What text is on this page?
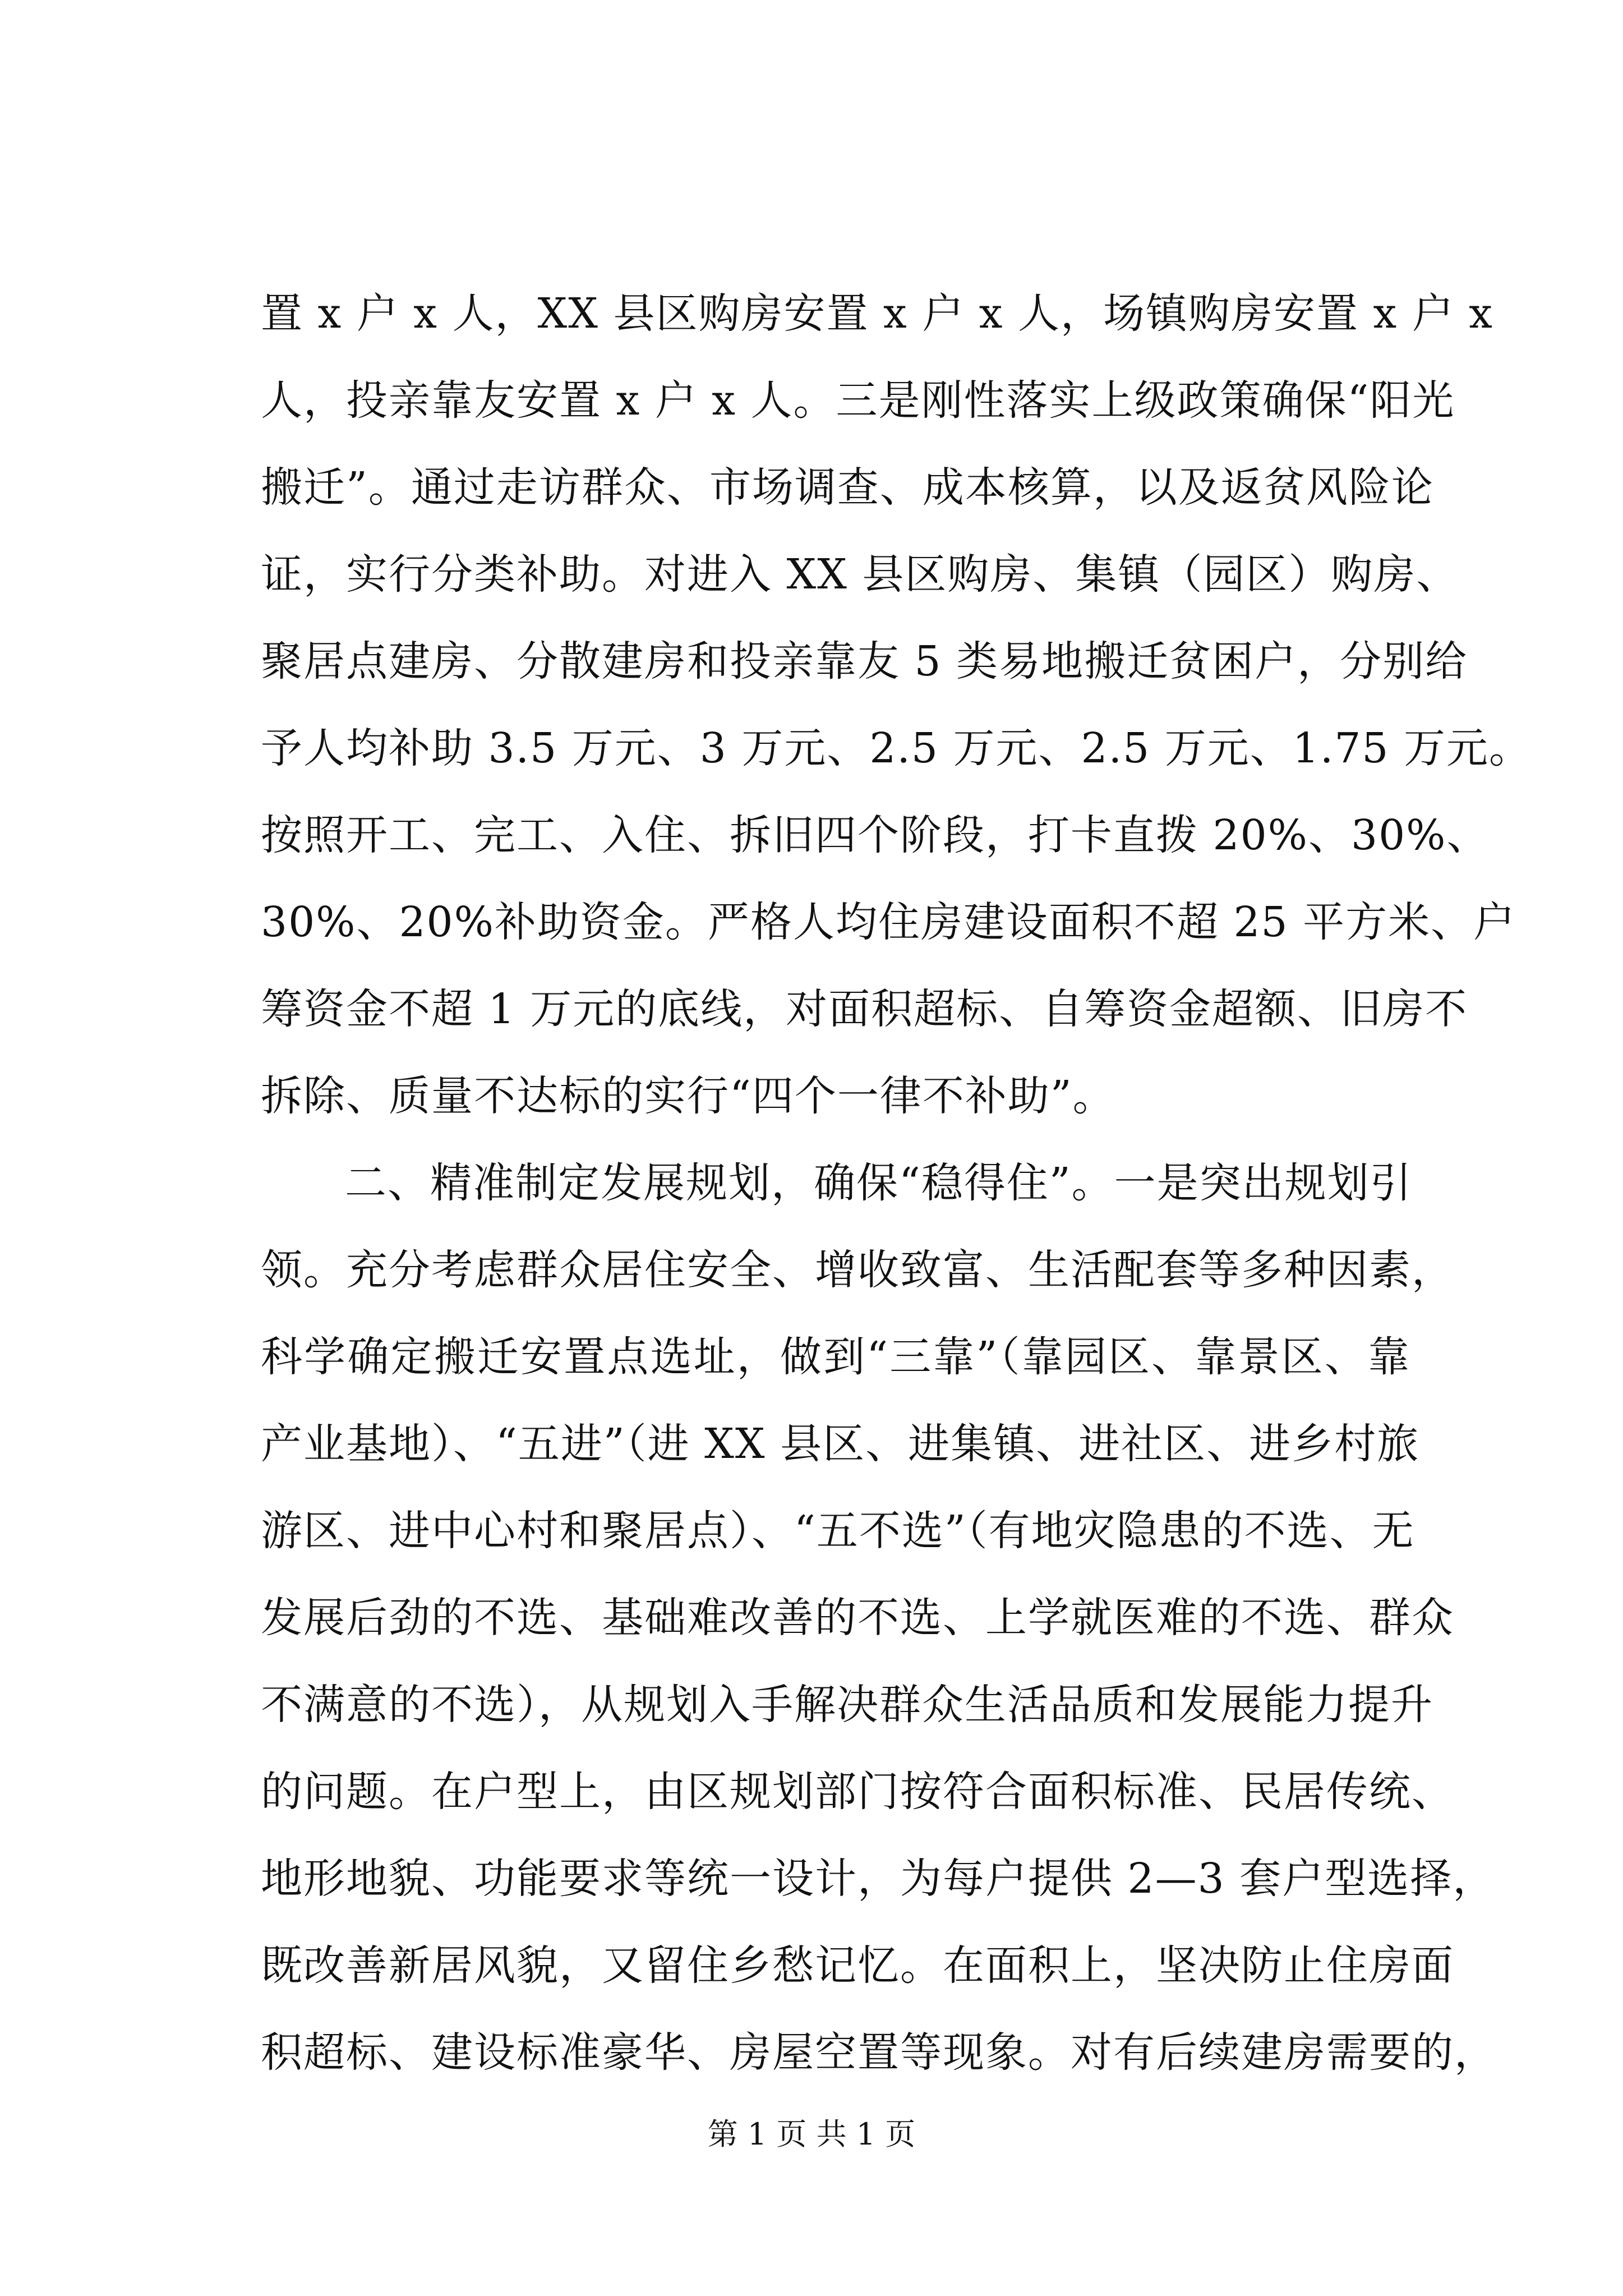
置 x 户 x 人，XX 县区购房安置 x 户 x 人，场镇购房安置 x 户 x
人，投亲靠友安置 x 户 x 人。三是刚性落实上级政策确保“阳光
搬迁”。通过走访群众、市场调查、成本核算，以及返贫风险论
证，实行分类补助。对进入 XX 县区购房、集镇（园区）购房、
聚居点建房、分散建房和投亲靠友 5 类易地搬迁贫困户，分别给
予人均补助 3.5 万元、3 万元、2.5 万元、2.5 万元、1.75 万元。
按照开工、完工、入住、拆旧四个阶段，打卡直拨 20%、30%、
30%、20%补助资金。严格人均住房建设面积不超 25 平方米、户
筹资金不超 1 万元的底线，对面积超标、自筹资金超额、旧房不
拆除、质量不达标的实行“四个一律不补助”。
二、精准制定发展规划，确保“稳得住”。一是突出规划引
领。充分考虑群众居住安全、增收致富、生活配套等多种因素，
科学确定搬迁安置点选址，做到“三靠”（靠园区、靠景区、靠
产业基地）、“五进”（进 XX 县区、进集镇、进社区、进乡村旅
游区、进中心村和聚居点）、“五不选”（有地灾隐患的不选、无
发展后劲的不选、基础难改善的不选、上学就医难的不选、群众
不满意的不选），从规划入手解决群众生活品质和发展能力提升
的问题。在户型上，由区规划部门按符合面积标准、民居传统、
地形地貌、功能要求等统一设计，为每户提供 2—3 套户型选择，
既改善新居风貌，又留住乡愁记忆。在面积上，坚决防止住房面
积超标、建设标准豪华、房屋空置等现象。对有后续建房需要的，
第 1 页 共 1 页
